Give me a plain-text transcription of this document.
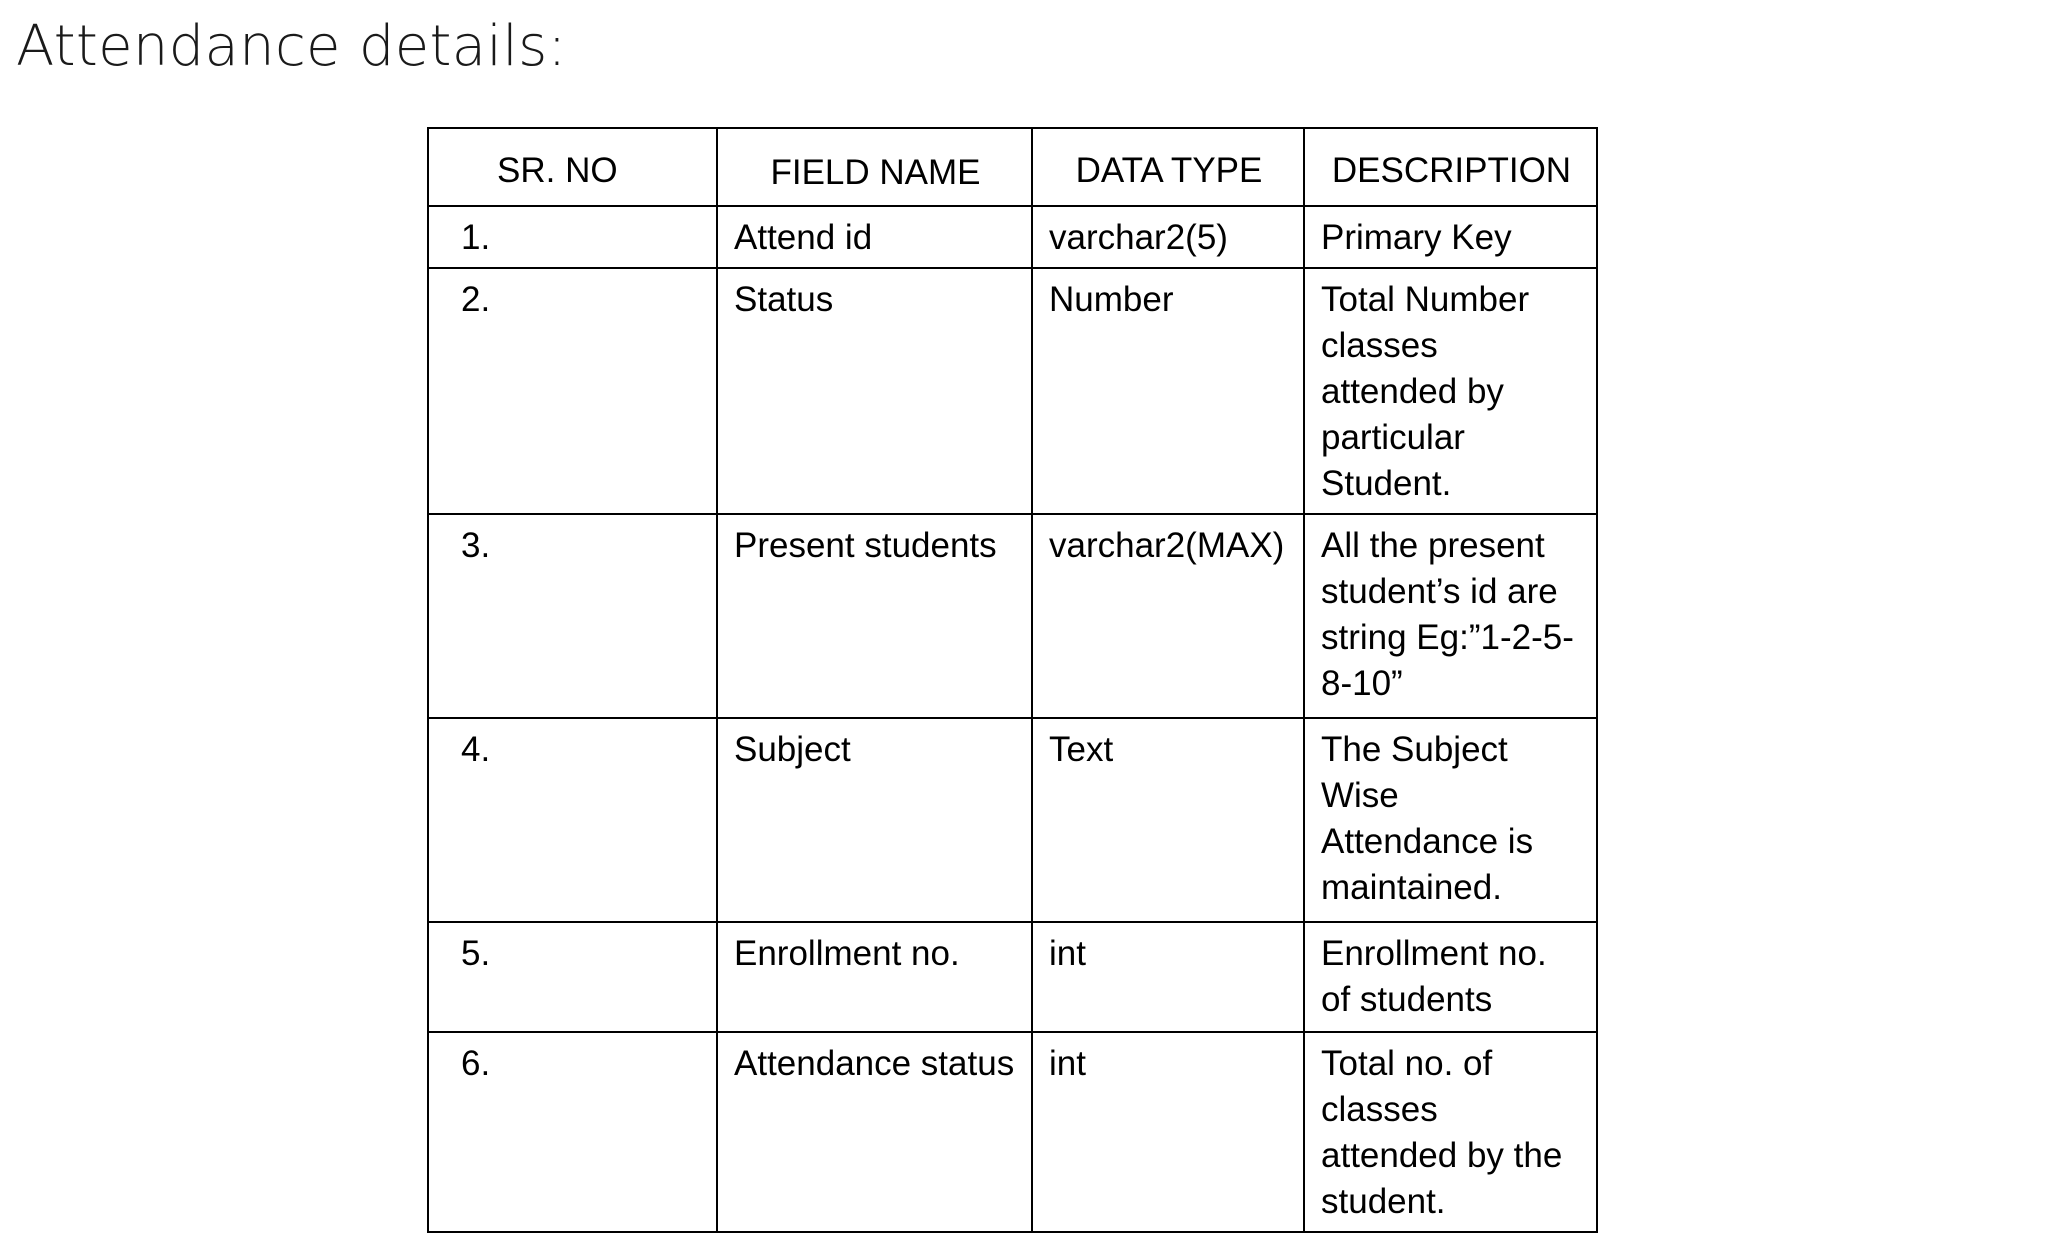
Attendance details:
SR. NO	FIELD NAME	DATA TYPE	DESCRIPTION
1.	Attend id	varchar2(5)	Primary Key
2.	Status	Number	Total Number classes attended by particular Student.
3.	Present students	varchar2(MAX)	All the present student’s id are string Eg:”1-2-5-8-10”
4.	Subject	Text	The Subject Wise Attendance is maintained.
5.	Enrollment no.	int	Enrollment no. of students
6.	Attendance status	int	Total no. of classes attended by the student.
